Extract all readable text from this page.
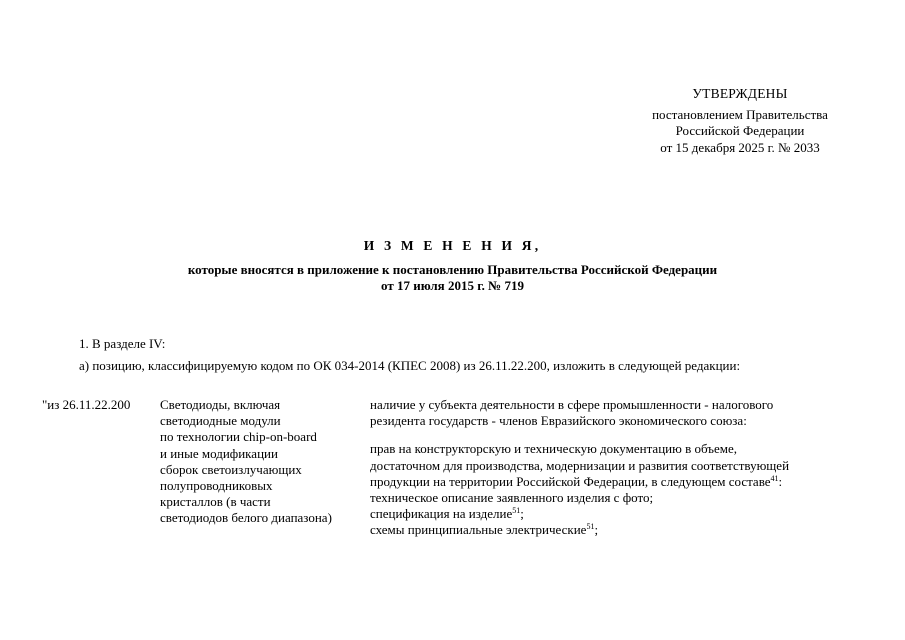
УТВЕРЖДЕНЫ
постановлением Правительства
Российской Федерации
от 15 декабря 2025 г. № 2033
И З М Е Н Е Н И Я,
которые вносятся в приложение к постановлению Правительства Российской Федерации
от 17 июля 2015 г. № 719
1. В разделе IV:
а) позицию, классифицируемую кодом по ОК 034-2014 (КПЕС 2008) из 26.11.22.200, изложить в следующей редакции:
"из 26.11.22.200 Светодиоды, включая
светодиодные модули
по технологии chip-on-board
и иные модификации
сборок светоизлучающих
полупроводниковых
кристаллов (в части
светодиодов белого диапазона)
наличие у субъекта деятельности в сфере промышленности - налогового
резидента государств - членов Евразийского экономического союза:
прав на конструкторскую и техническую документацию в объеме,
достаточном для производства, модернизации и развития соответствующей
продукции на территории Российской Федерации, в следующем составе$^{41}$:
техническое описание заявленного изделия с фото;
спецификация на изделие$^{51}$;
схемы принципиальные электрические$^{51}$;
